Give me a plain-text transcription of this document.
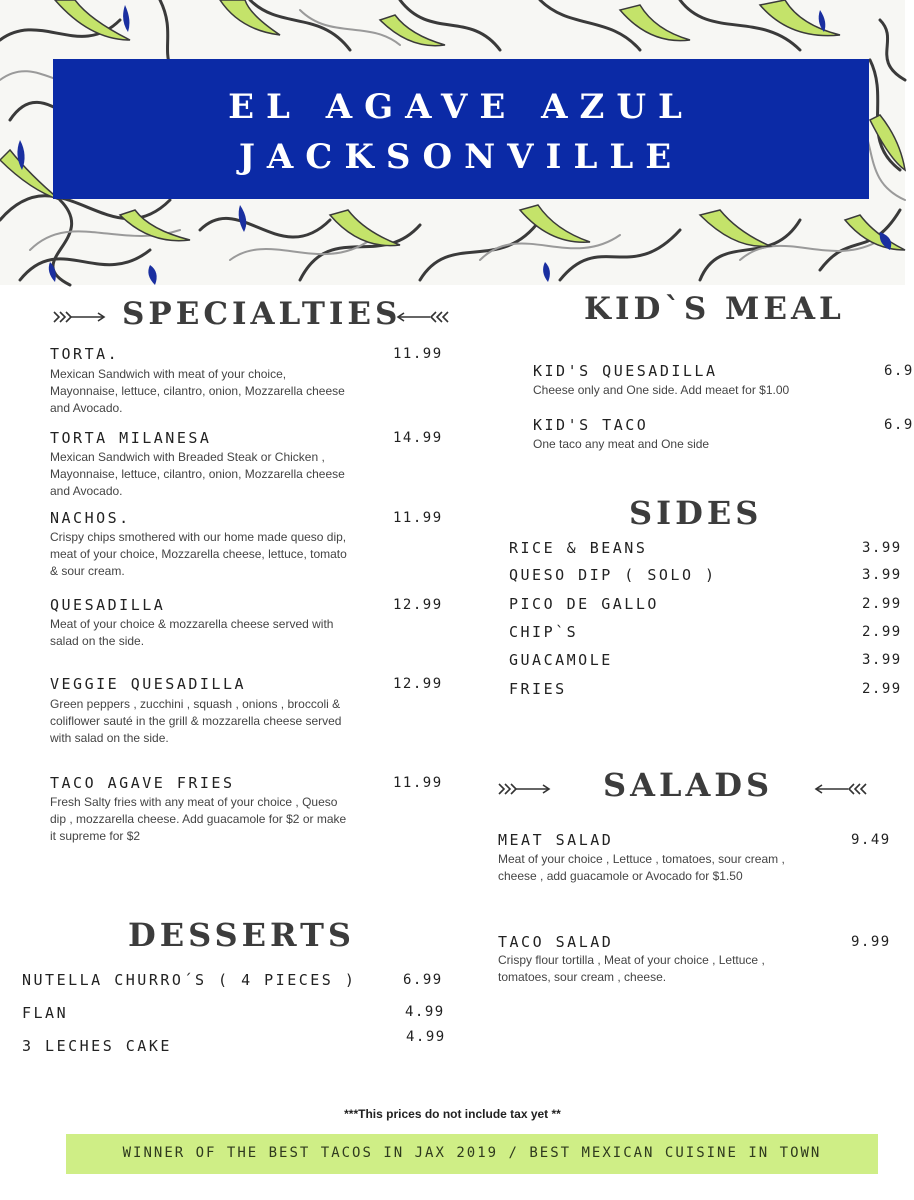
EL AGAVE AZUL
JACKSONVILLE
SPECIALTIES
TORTA.	11.99
Mexican Sandwich with meat of your choice, Mayonnaise, lettuce, cilantro, onion, Mozzarella cheese and Avocado.
TORTA MILANESA	14.99
Mexican Sandwich with Breaded Steak or Chicken , Mayonnaise, lettuce, cilantro, onion, Mozzarella cheese and Avocado.
NACHOS.	11.99
Crispy chips smothered with our home made queso dip, meat of your choice, Mozzarella cheese, lettuce, tomato & sour cream.
QUESADILLA	12.99
Meat of your choice & mozzarella cheese served with salad on the side.
VEGGIE QUESADILLA	12.99
Green peppers , zucchini , squash , onions , broccoli & coliflower sauté in the grill & mozzarella cheese served with salad on the side.
TACO AGAVE FRIES	11.99
Fresh Salty fries with any meat of your choice , Queso dip , mozzarella cheese. Add guacamole for $2 or make it supreme for $2
DESSERTS
NUTELLA CHURRO´S ( 4 PIECES )	6.99
FLAN	4.99
3 LECHES CAKE	4.99
KID`S MEAL
KID'S QUESADILLA	6.9
Cheese only and One side. Add meaet for $1.00
KID'S TACO	6.9
One taco any meat and One side
SIDES
RICE & BEANS	3.99
QUESO DIP ( SOLO )	3.99
PICO DE GALLO	2.99
CHIP`S	2.99
GUACAMOLE	3.99
FRIES	2.99
SALADS
MEAT SALAD	9.49
Meat of your choice , Lettuce , tomatoes, sour cream , cheese , add guacamole or Avocado for $1.50
TACO SALAD	9.99
Crispy flour tortilla , Meat of your choice , Lettuce , tomatoes, sour cream , cheese.
***This prices do not include tax yet **
WINNER OF THE BEST TACOS IN JAX 2019 / BEST MEXICAN CUISINE IN TOWN
